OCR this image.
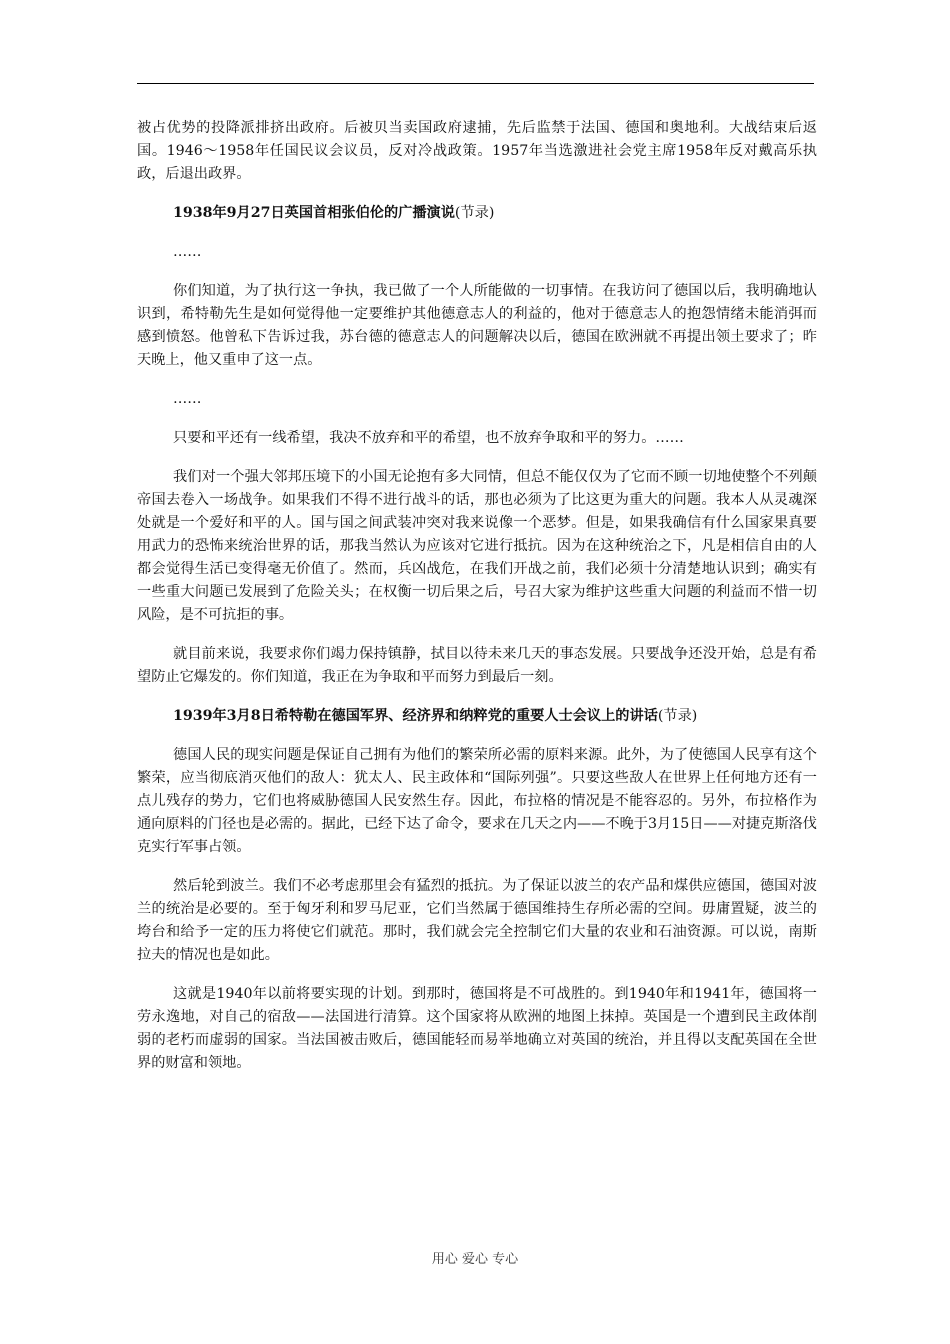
被占优势的投降派排挤出政府。后被贝当卖国政府逮捕，先后监禁于法国、德国和奥地利。大战结束后返国。1946～1958年任国民议会议员，反对冷战政策。1957年当选激进社会党主席1958年反对戴高乐执政，后退出政界。

1938年9月27日英国首相张伯伦的广播演说(节录)

……

你们知道，为了执行这一争执，我已做了一个人所能做的一切事情。在我访问了德国以后，我明确地认识到，希特勒先生是如何觉得他一定要维护其他德意志人的利益的，他对于德意志人的抱怨情绪未能消弭而感到愤怒。他曾私下告诉过我，苏台德的德意志人的问题解决以后，德国在欧洲就不再提出领土要求了；昨天晚上，他又重申了这一点。

……

只要和平还有一线希望，我决不放弃和平的希望，也不放弃争取和平的努力。……

我们对一个强大邻邦压境下的小国无论抱有多大同情，但总不能仅仅为了它而不顾一切地使整个不列颠帝国去卷入一场战争。如果我们不得不进行战斗的话，那也必须为了比这更为重大的问题。我本人从灵魂深处就是一个爱好和平的人。国与国之间武装冲突对我来说像一个恶梦。但是，如果我确信有什么国家果真要用武力的恐怖来统治世界的话，那我当然认为应该对它进行抵抗。因为在这种统治之下，凡是相信自由的人都会觉得生活已变得毫无价值了。然而，兵凶战危，在我们开战之前，我们必须十分清楚地认识到；确实有一些重大问题已发展到了危险关头；在权衡一切后果之后，号召大家为维护这些重大问题的利益而不惜一切风险，是不可抗拒的事。

就目前来说，我要求你们竭力保持镇静，拭目以待未来几天的事态发展。只要战争还没开始，总是有希望防止它爆发的。你们知道，我正在为争取和平而努力到最后一刻。

1939年3月8日希特勒在德国军界、经济界和纳粹党的重要人士会议上的讲话(节录)

德国人民的现实问题是保证自己拥有为他们的繁荣所必需的原料来源。此外，为了使德国人民享有这个繁荣，应当彻底消灭他们的敌人：犹太人、民主政体和“国际列强”。只要这些敌人在世界上任何地方还有一点儿残存的势力，它们也将威胁德国人民安然生存。因此，布拉格的情况是不能容忍的。另外，布拉格作为通向原料的门径也是必需的。据此，已经下达了命令，要求在几天之内——不晚于3月15日——对捷克斯洛伐克实行军事占领。

然后轮到波兰。我们不必考虑那里会有猛烈的抵抗。为了保证以波兰的农产品和煤供应德国，德国对波兰的统治是必要的。至于匈牙利和罗马尼亚，它们当然属于德国维持生存所必需的空间。毋庸置疑，波兰的垮台和给予一定的压力将使它们就范。那时，我们就会完全控制它们大量的农业和石油资源。可以说，南斯拉夫的情况也是如此。

这就是1940年以前将要实现的计划。到那时，德国将是不可战胜的。到1940年和1941年，德国将一劳永逸地，对自己的宿敌——法国进行清算。这个国家将从欧洲的地图上抹掉。英国是一个遭到民主政体削弱的老朽而虚弱的国家。当法国被击败后，德国能轻而易举地确立对英国的统治，并且得以支配英国在全世界的财富和领地。

用心 爱心 专心
